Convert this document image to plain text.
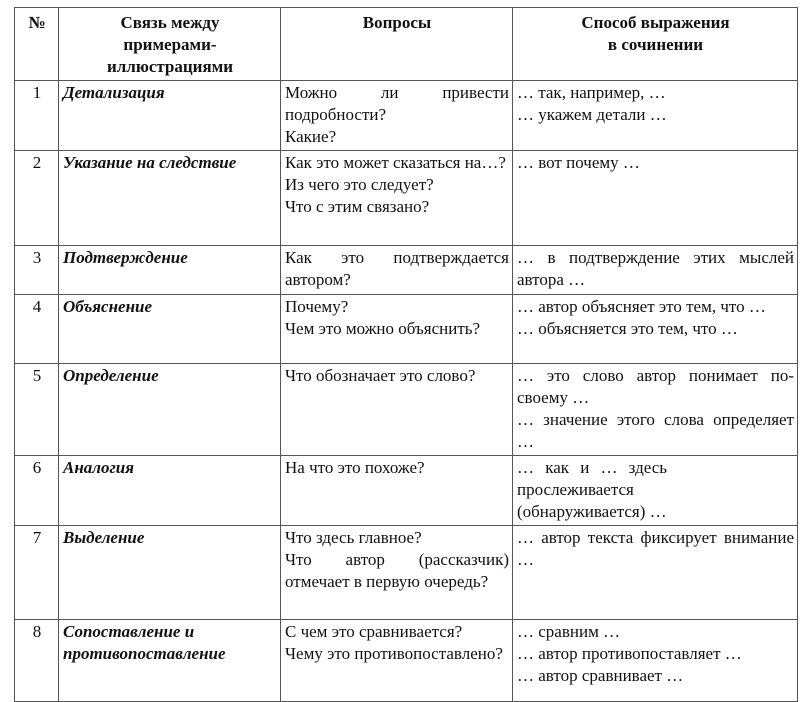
№	Связь между
примерами-
иллюстрациями	Вопросы	Способ выражения
в сочинении
1	Детализация	Можно ли привести подробности?
Какие?	… так, например, …
… укажем детали …

2	Указание на следствие	Как это может сказаться на…?
Из чего это следует?
Что с этим связано?	… вот почему …

3	Подтверждение	Как это подтверждается автором?	… в подтверждение этих мыслей автора …

4	Объяснение	Почему?
Чем это можно объяснить?	… автор объясняет это тем, что …
… объясняется это тем, что …

5	Определение	Что обозначает это слово?	… это слово автор понимает по-своему …
… значение этого слова определяет …

6	Аналогия	На что это похоже?	… как и … здесь прослеживается (обнаруживается) …

7	Выделение	Что здесь главное?
Что автор (рассказчик) отмечает в первую очередь?	… автор текста фиксирует внимание …

8	Сопоставление и противопоставление	С чем это сравнивается?
Чему это противопоставлено?	… сравним …
… автор противопоставляет …
… автор сравнивает …
